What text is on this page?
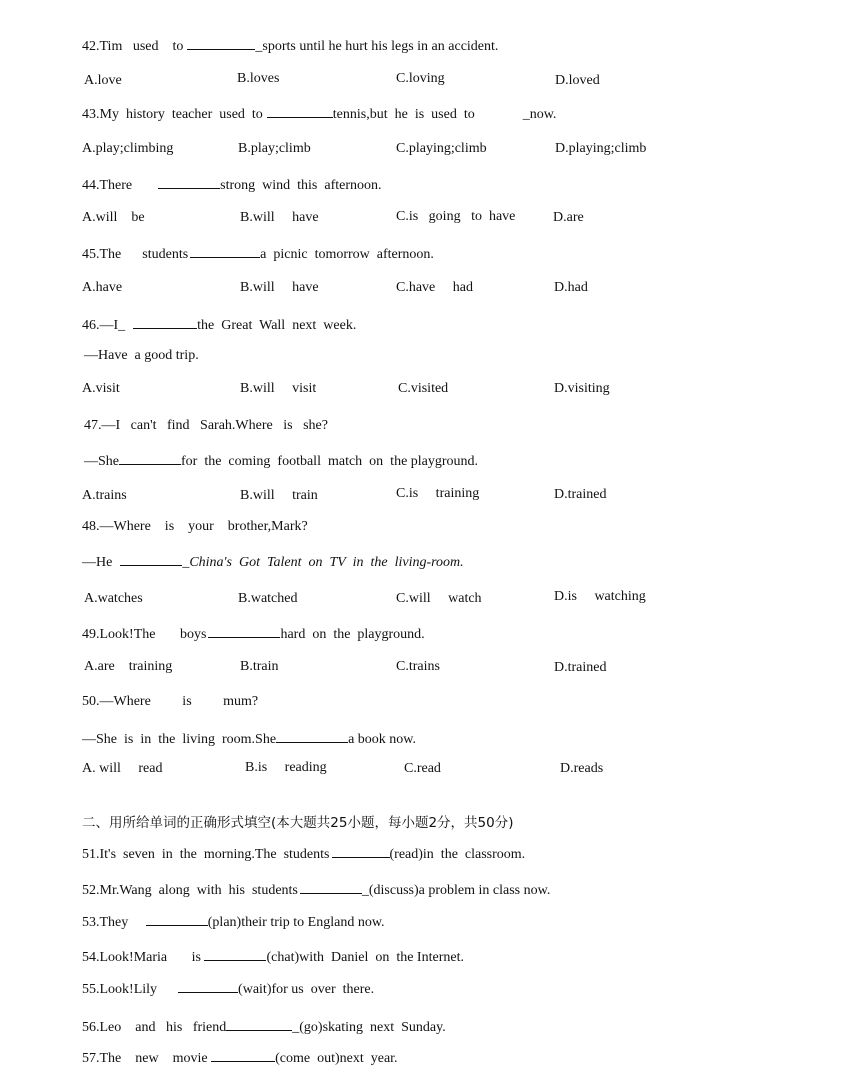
42.Tim   used    to	_sports until he hurt his legs in an accident.
A.love	B.loves	C.loving	D.loved
43.My  history  teacher  used  to	tennis,but  he  is  used  to	_now.
A.play;climbing	B.play;climb	C.playing;climb	D.playing;climb
44.There	strong  wind  this  afternoon.
A.will    be	B.will     have	C.is   going   to  have	D.are
45.The      students	a  picnic  tomorrow  afternoon.
A.have	B.will     have	C.have     had	D.had
46.—I_	the  Great  Wall  next  week.
—Have  a good trip.
A.visit	B.will     visit	C.visited	D.visiting
47.—I   can't   find   Sarah.Where   is   she?
—She	for  the  coming  football  match  on  the playground.
A.trains	B.will     train	C.is     training	D.trained
48.—Where    is    your    brother,Mark?
—He	_China's  Got  Talent  on  TV  in  the  living-room.
A.watches	B.watched	C.will     watch	D.is     watching
49.Look!The       boys	hard  on  the  playground.
A.are    training	B.train	C.trains	D.trained
50.—Where         is         mum?
—She  is  in  the  living  room.She	a book now.
A. will     read	B.is     reading	C.read	D.reads
二、用所给单词的正确形式填空(本大题共25小题，每小题2分，共50分)
51.It's  seven  in  the  morning.The  students	(read)in  the  classroom.
52.Mr.Wang  along  with  his  students	_(discuss)a problem in class now.
53.They	(plan)their trip to England now.
54.Look!Maria       is	(chat)with  Daniel  on  the Internet.
55.Look!Lily	(wait)for us  over  there.
56.Leo    and   his   friend	_(go)skating  next  Sunday.
57.The    new    movie	(come  out)next  year.
